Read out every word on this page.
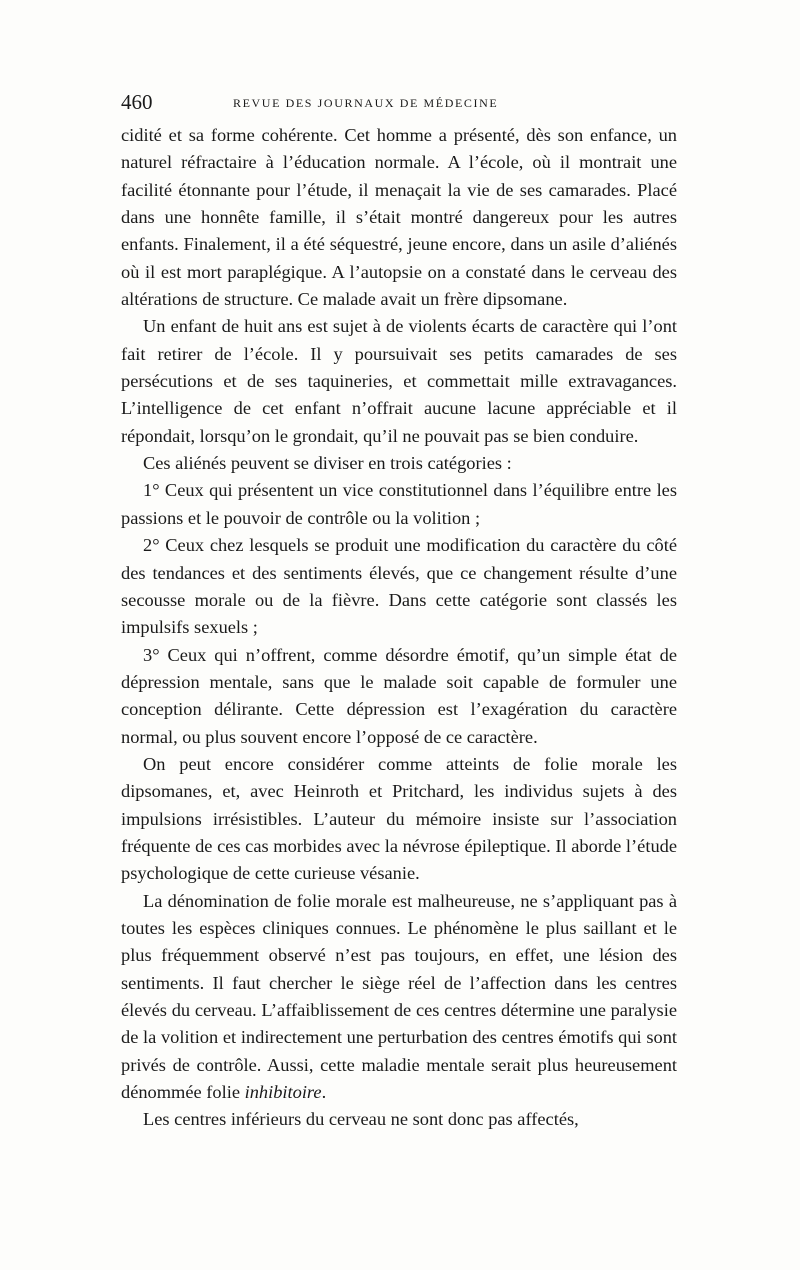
460	REVUE DES JOURNAUX DE MÉDECINE

cidité et sa forme cohérente. Cet homme a présenté, dès son enfance, un naturel réfractaire à l’éducation normale. A l’école, où il montrait une facilité étonnante pour l’étude, il menaçait la vie de ses camarades. Placé dans une honnête famille, il s’était montré dangereux pour les autres enfants. Finalement, il a été séquestré, jeune encore, dans un asile d’aliénés où il est mort paraplégique. A l’autopsie on a constaté dans le cerveau des altérations de structure. Ce malade avait un frère dipsomane.

Un enfant de huit ans est sujet à de violents écarts de caractère qui l’ont fait retirer de l’école. Il y poursuivait ses petits camarades de ses persécutions et de ses taquineries, et commettait mille extravagances. L’intelligence de cet enfant n’offrait aucune lacune appréciable et il répondait, lorsqu’on le grondait, qu’il ne pouvait pas se bien conduire.

Ces aliénés peuvent se diviser en trois catégories :

1° Ceux qui présentent un vice constitutionnel dans l’équilibre entre les passions et le pouvoir de contrôle ou la volition ;

2° Ceux chez lesquels se produit une modification du caractère du côté des tendances et des sentiments élevés, que ce changement résulte d’une secousse morale ou de la fièvre. Dans cette catégorie sont classés les impulsifs sexuels ;

3° Ceux qui n’offrent, comme désordre émotif, qu’un simple état de dépression mentale, sans que le malade soit capable de formuler une conception délirante. Cette dépression est l’exagération du caractère normal, ou plus souvent encore l’opposé de ce caractère.

On peut encore considérer comme atteints de folie morale les dipsomanes, et, avec Heinroth et Pritchard, les individus sujets à des impulsions irrésistibles. L’auteur du mémoire insiste sur l’association fréquente de ces cas morbides avec la névrose épileptique. Il aborde l’étude psychologique de cette curieuse vésanie.

La dénomination de folie morale est malheureuse, ne s’appliquant pas à toutes les espèces cliniques connues. Le phénomène le plus saillant et le plus fréquemment observé n’est pas toujours, en effet, une lésion des sentiments. Il faut chercher le siège réel de l’affection dans les centres élevés du cerveau. L’affaiblissement de ces centres détermine une paralysie de la volition et indirectement une perturbation des centres émotifs qui sont privés de contrôle. Aussi, cette maladie mentale serait plus heureusement dénommée folie inhibitoire.

Les centres inférieurs du cerveau ne sont donc pas affectés,
